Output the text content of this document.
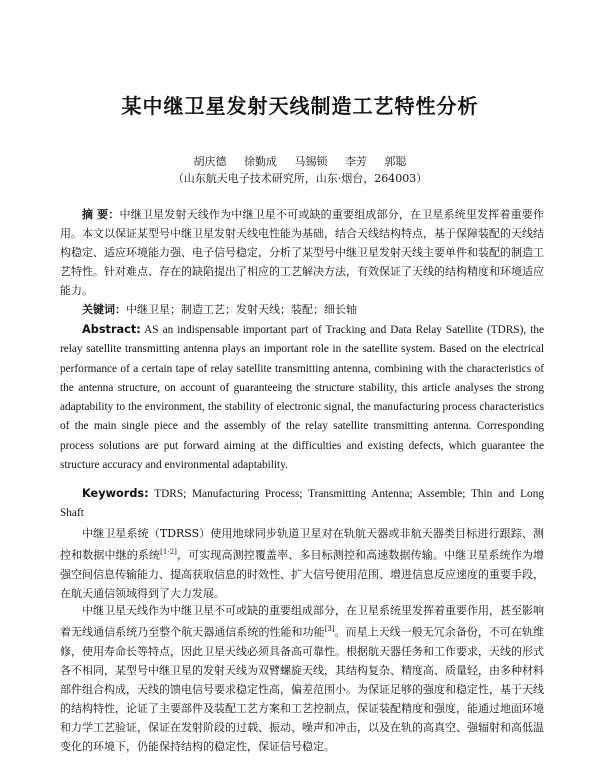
某中继卫星发射天线制造工艺特性分析
胡庆德 徐勤成 马锡锁 李芳 郭聪
（山东航天电子技术研究所，山东·烟台，264003）
摘 要：中继卫星发射天线作为中继卫星不可或缺的重要组成部分，在卫星系统里发挥着重要作用。本文以保证某型号中继卫星发射天线电性能为基础，结合天线结构特点，基于保障装配的天线结构稳定、适应环境能力强、电子信号稳定，分析了某型号中继卫星发射天线主要单件和装配的制造工艺特性。针对难点、存在的缺陷提出了相应的工艺解决方法，有效保证了天线的结构精度和环境适应能力。
关键词：中继卫星；制造工艺；发射天线；装配；细长轴
Abstract: AS an indispensable important part of Tracking and Data Relay Satellite (TDRS), the relay satellite transmitting antenna plays an important role in the satellite system. Based on the electrical performance of a certain tape of relay satellite transmitting antenna, combining with the characteristics of the antenna structure, on account of guaranteeing the structure stability, this article analyses the strong adaptability to the environment, the stability of electronic signal, the manufacturing process characteristics of the main single piece and the assembly of the relay satellite transmitting antenna. Corresponding process solutions are put forward aiming at the difficulties and existing defects, which guarantee the structure accuracy and environmental adaptability.
Keywords: TDRS; Manufacturing Process; Transmitting Antenna; Assemble; Thin and Long Shaft
中继卫星系统（TDRSS）使用地球同步轨道卫星对在轨航天器或非航天器类目标进行跟踪、测控和数据中继的系统[1-2]，可实现高测控覆盖率、多目标测控和高速数据传输。中继卫星系统作为增强空间信息传输能力、提高获取信息的时效性、扩大信号使用范围、增进信息反应速度的重要手段，在航天通信领域得到了大力发展。
中继卫星天线作为中继卫星不可或缺的重要组成部分，在卫星系统里发挥着重要作用，甚至影响着无线通信系统乃至整个航天器通信系统的性能和功能[3]。而星上天线一般无冗余备份，不可在轨维修，使用寿命长等特点，因此卫星天线必须具备高可靠性。根据航天器任务和工作要求，天线的形式各不相同，某型号中继卫星的发射天线为双臂螺旋天线，其结构复杂、精度高、质量轻，由多种材料部件组合构成，天线的馈电信号要求稳定性高，偏差范围小。为保证足够的强度和稳定性，基于天线的结构特性，论证了主要部件及装配工艺方案和工艺控制点，保证装配精度和强度，能通过地面环境和力学工艺验证，保证在发射阶段的过载、振动、噪声和冲击，以及在轨的高真空、强辐射和高低温变化的环境下，仍能保持结构的稳定性，保证信号稳定。
